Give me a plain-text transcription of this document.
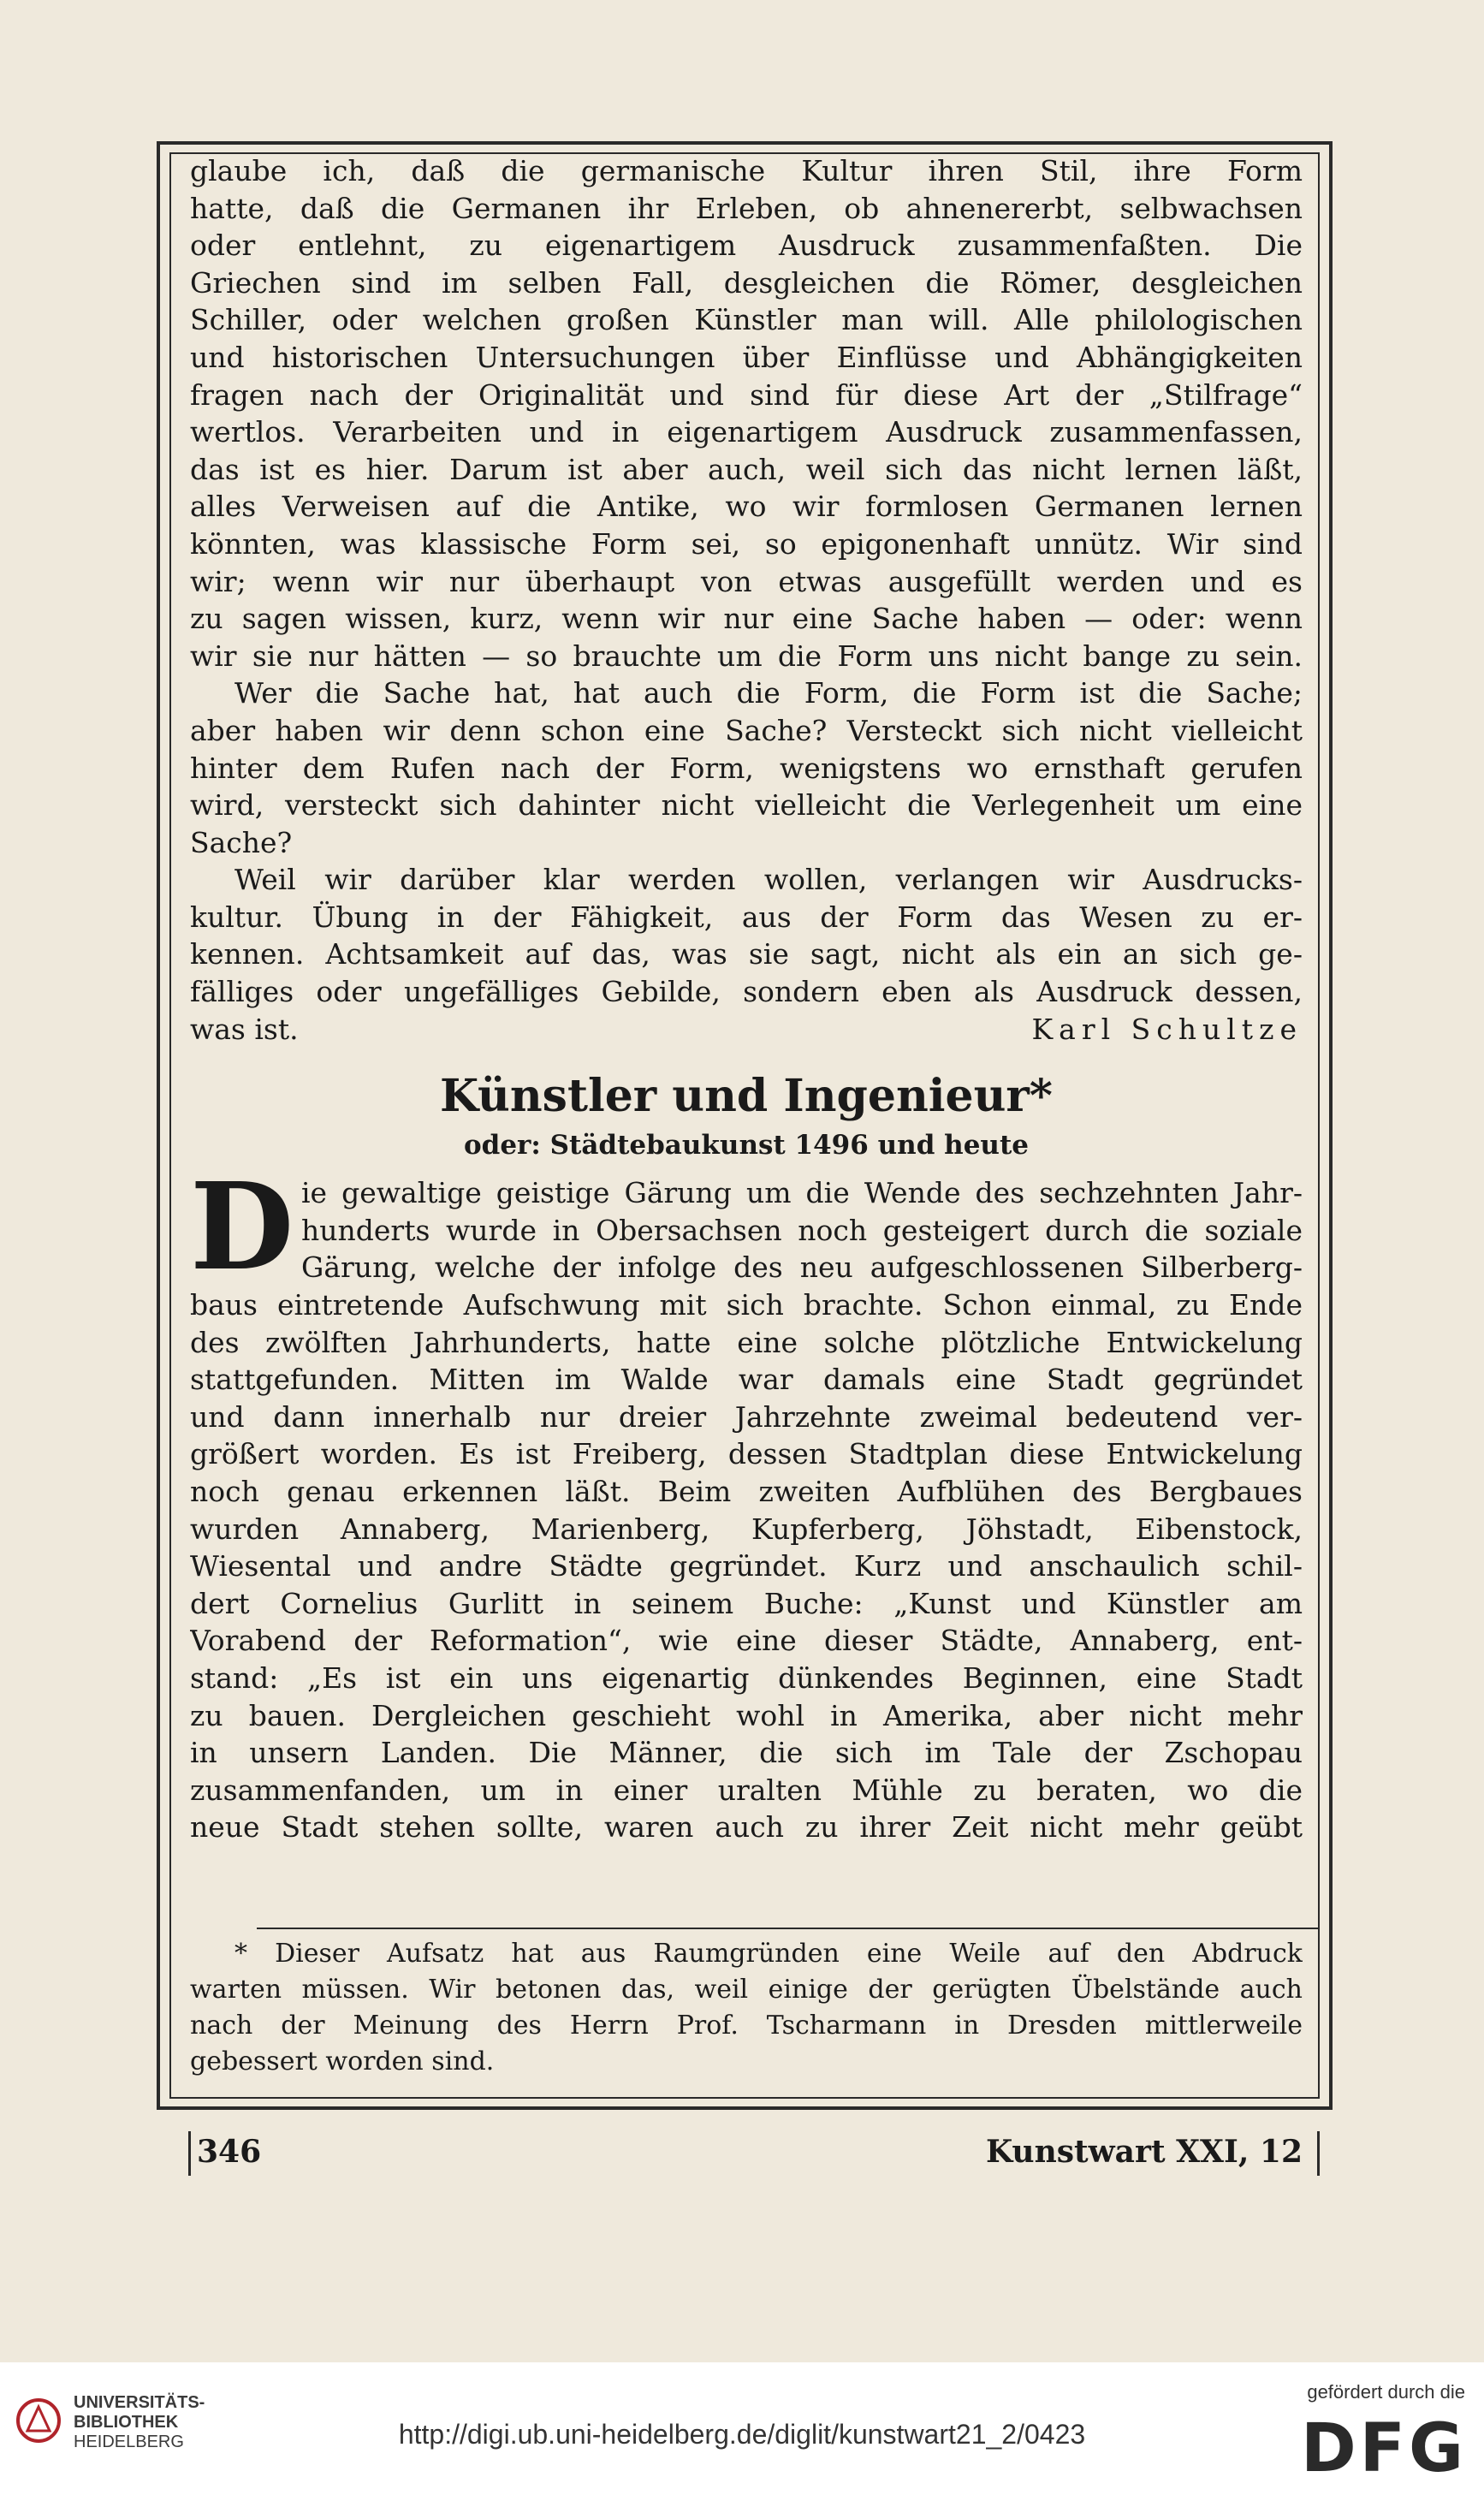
glaube ich, daß die germanische Kultur ihren Stil, ihre Form
hatte, daß die Germanen ihr Erleben, ob ahnenererbt, selbwachsen
oder entlehnt, zu eigenartigem Ausdruck zusammenfaßten. Die
Griechen sind im selben Fall, desgleichen die Römer, desgleichen
Schiller, oder welchen großen Künstler man will. Alle philologischen
und historischen Untersuchungen über Einflüsse und Abhängigkeiten
fragen nach der Originalität und sind für diese Art der „Stilfrage“
wertlos. Verarbeiten und in eigenartigem Ausdruck zusammenfassen,
das ist es hier. Darum ist aber auch, weil sich das nicht lernen läßt,
alles Verweisen auf die Antike, wo wir formlosen Germanen lernen
könnten, was klassische Form sei, so epigonenhaft unnütz. Wir sind
wir; wenn wir nur überhaupt von etwas ausgefüllt werden und es
zu sagen wissen, kurz, wenn wir nur eine Sache haben — oder: wenn
wir sie nur hätten — so brauchte um die Form uns nicht bange zu sein.
Wer die Sache hat, hat auch die Form, die Form ist die Sache;
aber haben wir denn schon eine Sache? Versteckt sich nicht vielleicht
hinter dem Rufen nach der Form, wenigstens wo ernsthaft gerufen
wird, versteckt sich dahinter nicht vielleicht die Verlegenheit um eine
Sache?
Weil wir darüber klar werden wollen, verlangen wir Ausdrucks-
kultur. Übung in der Fähigkeit, aus der Form das Wesen zu er-
kennen. Achtsamkeit auf das, was sie sagt, nicht als ein an sich ge-
fälliges oder ungefälliges Gebilde, sondern eben als Ausdruck dessen,
was ist.	Karl Schultze
Künstler und Ingenieur*
oder: Städtebaukunst 1496 und heute
D ie gewaltige geistige Gärung um die Wende des sechzehnten Jahr-
hunderts wurde in Obersachsen noch gesteigert durch die soziale
Gärung, welche der infolge des neu aufgeschlossenen Silberberg-
baus eintretende Aufschwung mit sich brachte. Schon einmal, zu Ende
des zwölften Jahrhunderts, hatte eine solche plötzliche Entwickelung
stattgefunden. Mitten im Walde war damals eine Stadt gegründet
und dann innerhalb nur dreier Jahrzehnte zweimal bedeutend ver-
größert worden. Es ist Freiberg, dessen Stadtplan diese Entwickelung
noch genau erkennen läßt. Beim zweiten Aufblühen des Bergbaues
wurden Annaberg, Marienberg, Kupferberg, Jöhstadt, Eibenstock,
Wiesental und andre Städte gegründet. Kurz und anschaulich schil-
dert Cornelius Gurlitt in seinem Buche: „Kunst und Künstler am
Vorabend der Reformation“, wie eine dieser Städte, Annaberg, ent-
stand: „Es ist ein uns eigenartig dünkendes Beginnen, eine Stadt
zu bauen. Dergleichen geschieht wohl in Amerika, aber nicht mehr
in unsern Landen. Die Männer, die sich im Tale der Zschopau
zusammenfanden, um in einer uralten Mühle zu beraten, wo die
neue Stadt stehen sollte, waren auch zu ihrer Zeit nicht mehr geübt
* Dieser Aufsatz hat aus Raumgründen eine Weile auf den Abdruck
warten müssen. Wir betonen das, weil einige der gerügten Übelstände auch
nach der Meinung des Herrn Prof. Tscharmann in Dresden mittlerweile
gebessert worden sind.
346	Kunstwart XXI, 12
UNIVERSITÄTS-
BIBLIOTHEK
HEIDELBERG	http://digi.ub.uni-heidelberg.de/diglit/kunstwart21_2/0423
gefördert durch die
DFG
